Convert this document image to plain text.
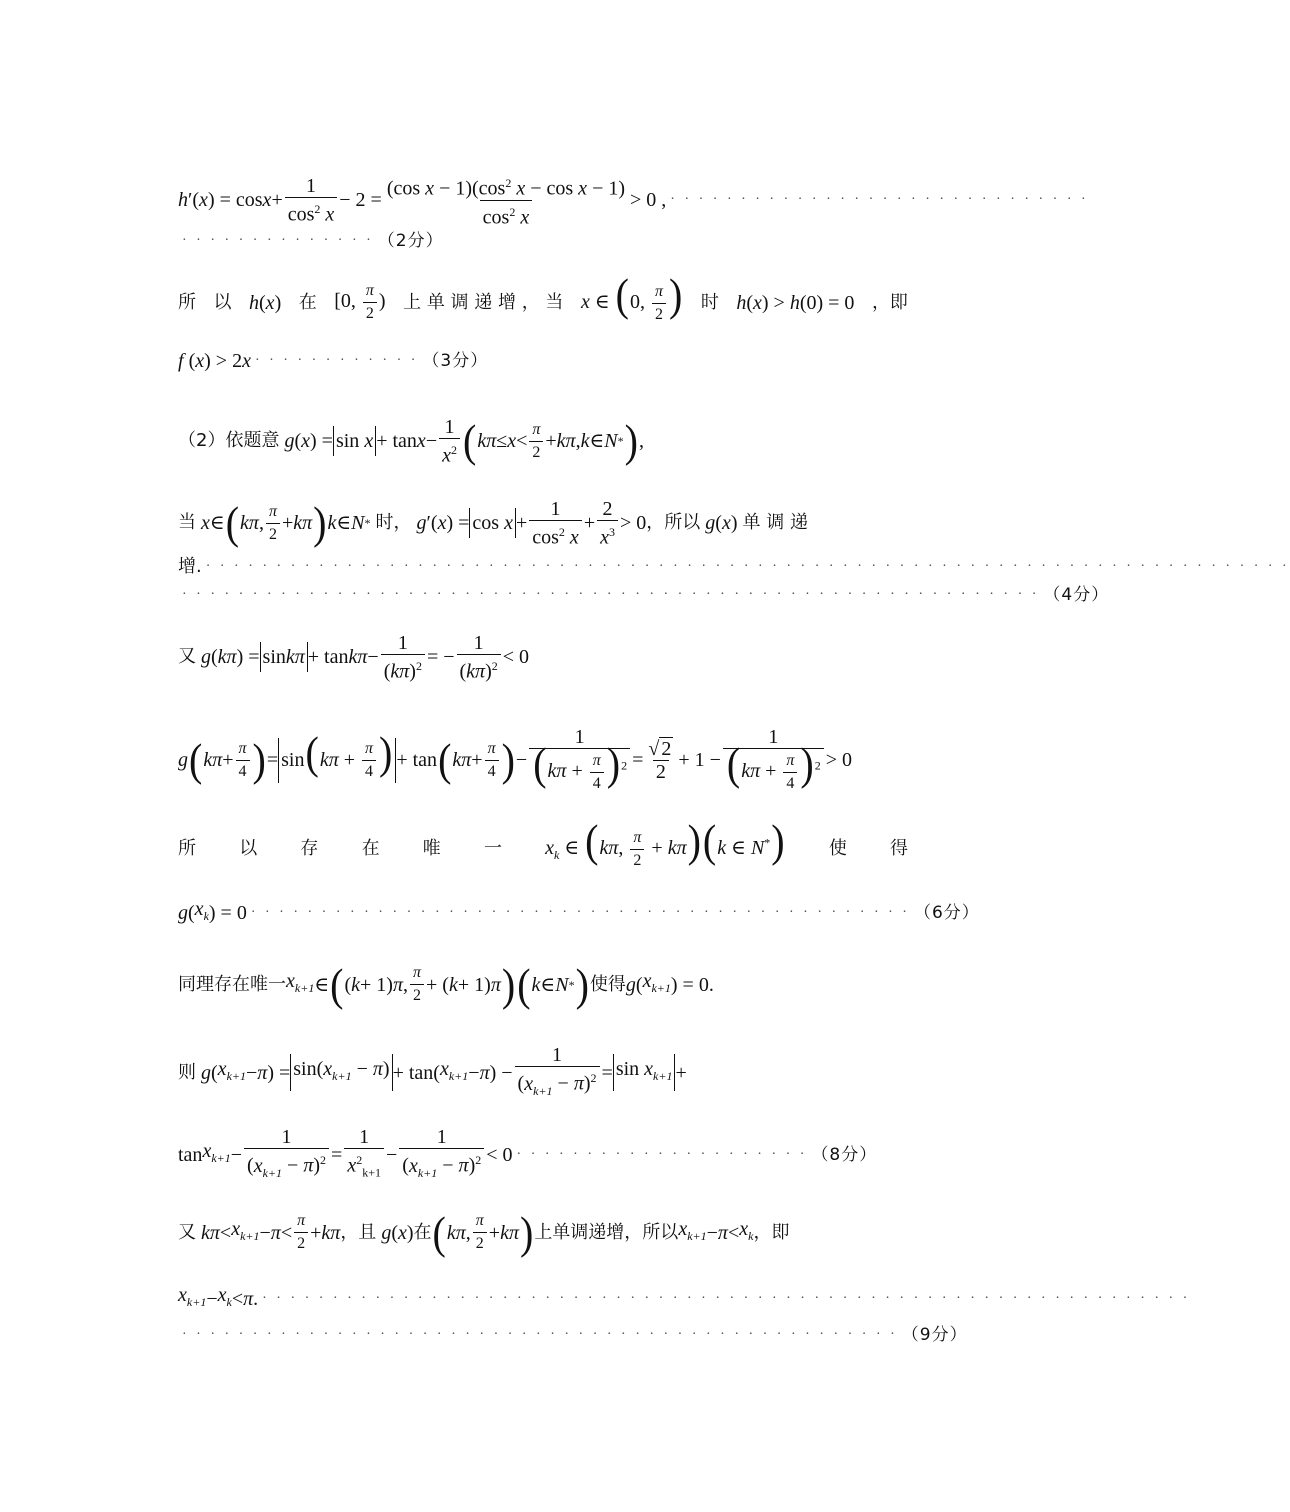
h ′( x ) = $\cos x + \frac{1}{\cos^2 x} - 2 = \frac{(\cos x - 1)(\cos^2 x - \cos x - 1)}{\cos^2 x} > 0$ , · · · · · · · · · · · · · · · · · · · · · · · · · · · · · ·
· · · · · · · · · · · · · · （2分）
所 以 h(x) 在 [0, $\frac{\pi}{2}$ ) 上 单 调 递 增 ， 当 x ∈ (0, $\frac{\pi}{2}$ ) 时 h(x) > h(0) = 0 ，即
f ( x ) > 2 x · · · · · · · · · · · · （3分）
（2）依题意
g ( x ) = $\sin x + \tan x - \frac{1}{x^2}$ ( $k\pi \le x < \frac{\pi}{2} + k\pi$ , k ∈ N * ) ,
当
x ∈ ( kπ , $\frac{\pi}{2} + k\pi$ ) k ∈ N *
时，
g ′( x ) = $\cos x + \frac{1}{\cos^2 x} + \frac{2}{x^3} > 0$ ，所以
g ( x ) 单 调 递
增. · · · · · · · · · · · · · · · · · · · · · · · · · · · · · · · · · · · · · · · · · · · · · · · · · · · · · · · · · · · · · · · · · · · · · · · · · · · · ·
· · · · · · · · · · · · · · · · · · · · · · · · · · · · · · · · · · · · · · · · · · · · · · · · · · · · · · · · · · · · · （4分）
又
g ( kπ ) = $\sin k\pi + \tan k\pi - \frac{1}{(k\pi)^2}$ = − $\frac{1}{(k\pi)^2} < 0$
g ( $k\pi + \frac{\pi}{4}$ ) = $\sin(k\pi + \frac{\pi}{4}$ ) + tan ( $k\pi + \frac{\pi}{4}$ ) − $\frac{1}{(k\pi + \frac{\pi}{4} )^2} = \frac{√ 2}{2} + 1 - \frac{1}{(k\pi + \frac{\pi}{4} )^2} > 0$
所 以 存 在 唯 一 $x_k$ ∈ (kπ, $\frac{\pi}{2} + k\pi)(k$ ∈ N*) 使 得
g ( $x_k$ ) = 0 · · · · · · · · · · · · · · · · · · · · · · · · · · · · · · · · · · · · · · · · · · · · · · · （6分）
同理存在唯一 $x_{k+1}$ ∈ ( ( k + 1) π , $\frac{\pi}{2}$ + ( k + 1) π ) ( k ∈ N * ) 使得 g ( $x_{k+1}$ ) = 0.
则
g ( $x_{k+1} - \pi$ ) = $\sin(x_{k+1} - \pi) + \tan$( $x_{k+1} - \pi$ ) − $\frac{1}{(x_{k+1} - \pi)^2} = \sin x_{k+1}$ +
$\tan x_{k+1} - \frac{1}{(x_{k+1} - \pi)^2} = \frac{1}{x^2_{k+1}} - \frac{1}{(x_{k+1} - \pi)^2} < 0$ · · · · · · · · · · · · · · · · · · · · · （8分）
又
$k\pi < x_{k+1} - \pi < \frac{\pi}{2} + k\pi$ ，且
g ( x ) 在 ( kπ , $\frac{\pi}{2} + k\pi$ ) 上单调递增，所以 $x_{k+1} - \pi < x_k$ ，即
$x_{k+1} - x_k < \pi$ . · · · · · · · · · · · · · · · · · · · · · · · · · · · · · · · · · · · · · · · · · · · · · · · · · · · · · · · · · · · · · · · · · ·
· · · · · · · · · · · · · · · · · · · · · · · · · · · · · · · · · · · · · · · · · · · · · · · · · · · （9分）
